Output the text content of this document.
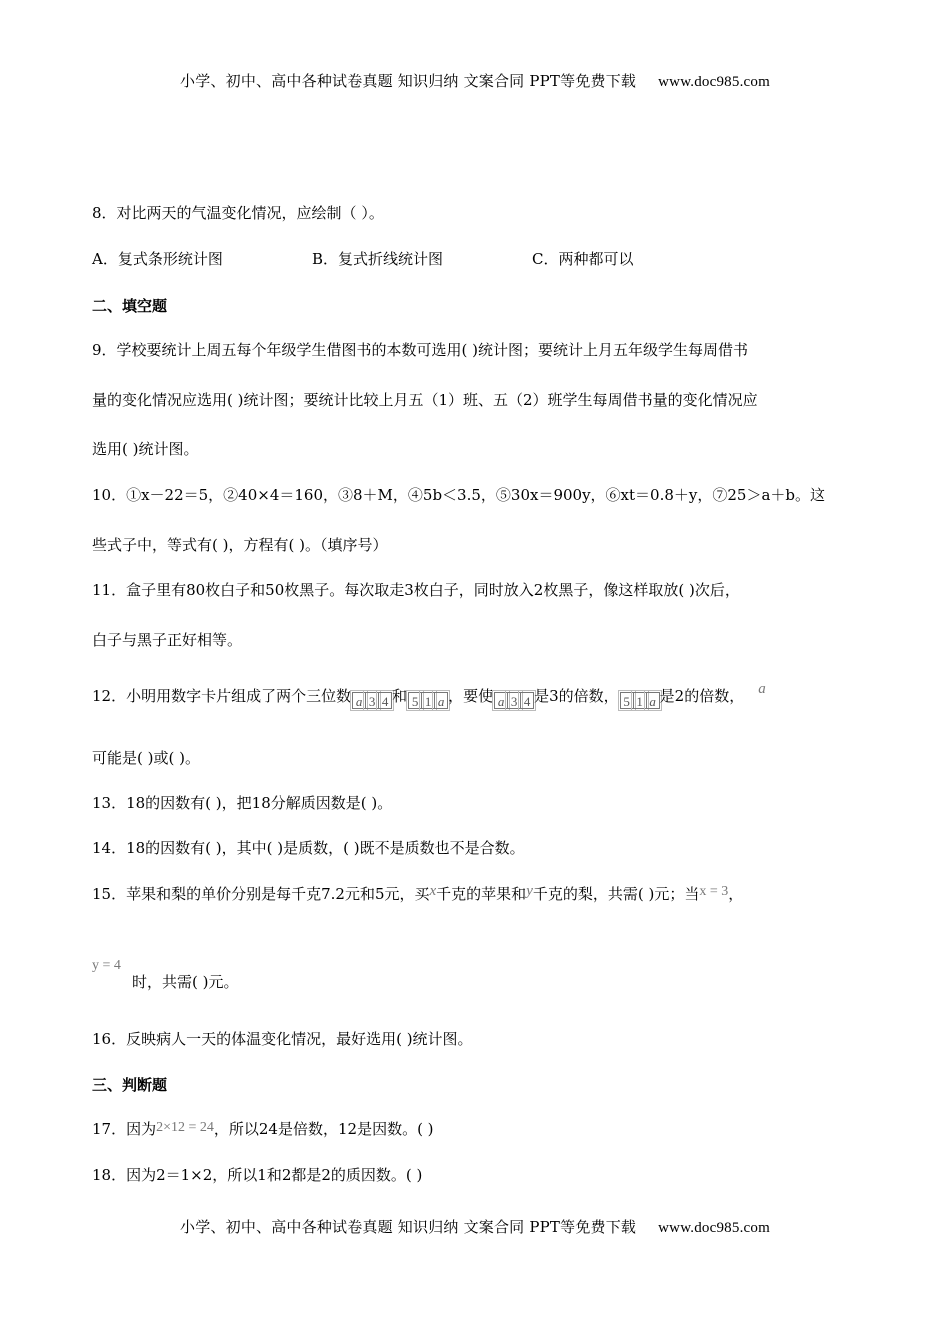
小学、初中、高中各种试卷真题 知识归纳 文案合同 PPT等免费下载 www.doc985.com
8．对比两天的气温变化情况，应绘制（ ）。
A．复式条形统计图	B．复式折线统计图	C．两种都可以
二、填空题
9．学校要统计上周五每个年级学生借图书的本数可选用( )统计图；要统计上月五年级学生每周借书
量的变化情况应选用( )统计图；要统计比较上月五（1）班、五（2）班学生每周借书量的变化情况应
选用( )统计图。
10．①x－22＝5，②40×4＝160，③8＋M，④5b＜3.5，⑤30x＝900y，⑥xt＝0.8＋y，⑦25＞a＋b。这
些式子中，等式有( )，方程有( )。（填序号）
11．盒子里有80枚白子和50枚黑子。每次取走3枚白子，同时放入2枚黑子，像这样取放( )次后，
白子与黑子正好相等。
12．小明用数字卡片组成了两个三位数 a 3 4 和 5 1 a ，要使 a 3 4 是3的倍数， 5 1 a 是2的倍数， a
可能是( )或( )。
13．18的因数有( )，把18分解质因数是( )。
14．18的因数有( )，其中( )是质数，( )既不是质数也不是合数。
15．苹果和梨的单价分别是每千克7.2元和5元，买x千克的苹果和y千克的梨，共需( )元；当x = 3，
y = 4
时，共需( )元。
16．反映病人一天的体温变化情况，最好选用( )统计图。
三、判断题
17．因为2×12 = 24，所以24是倍数，12是因数。( )
18．因为2＝1×2，所以1和2都是2的质因数。( )
小学、初中、高中各种试卷真题 知识归纳 文案合同 PPT等免费下载 www.doc985.com
